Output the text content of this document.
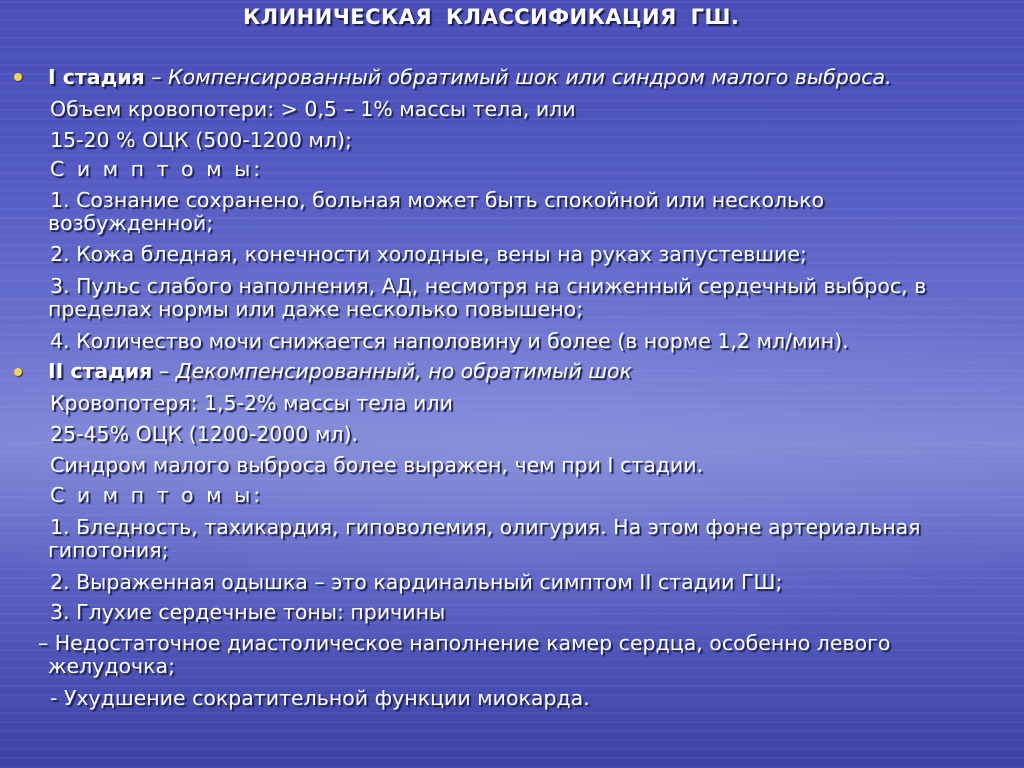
КЛИНИЧЕСКАЯ КЛАССИФИКАЦИЯ ГШ.
I стадия – Компенсированный обратимый шок или синдром малого выброса.
Объем кровопотери: > 0,5 – 1% массы тела, или
15-20 % ОЦК (500-1200 мл);
С и м п т о м ы:
1. Сознание сохранено, больная может быть спокойной или несколько
возбужденной;
2. Кожа бледная, конечности холодные, вены на руках запустевшие;
3. Пульс слабого наполнения, АД, несмотря на сниженный сердечный выброс, в
пределах нормы или даже несколько повышено;
4. Количество мочи снижается наполовину и более (в норме 1,2 мл/мин).
II стадия – Декомпенсированный, но обратимый шок
Кровопотеря: 1,5-2% массы тела или
25-45% ОЦК (1200-2000 мл).
Синдром малого выброса более выражен, чем при I стадии.
С и м п т о м ы:
1. Бледность, тахикардия, гиповолемия, олигурия. На этом фоне артериальная
гипотония;
2. Выраженная одышка – это кардинальный симптом II стадии ГШ;
3. Глухие сердечные тоны: причины
– Недостаточное диастолическое наполнение камер сердца, особенно левого
желудочка;
- Ухудшение сократительной функции миокарда.
